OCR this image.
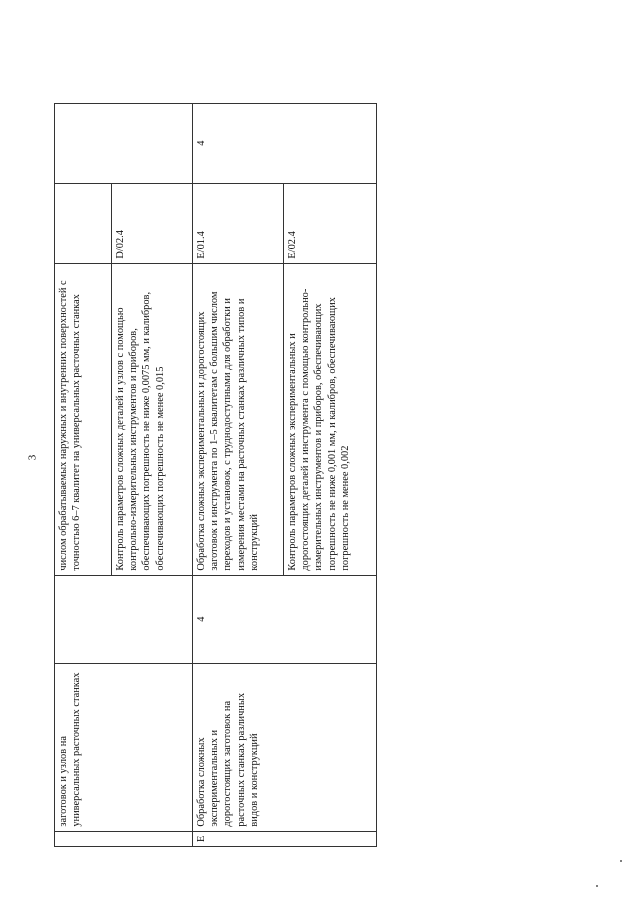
3
	заготовок и узлов на универсальных расточных станках		числом обрабатываемых наружных и внутренних поверхностей с точностью 6–7 квалитет на универсальных расточных станках		
			Контроль параметров сложных деталей и узлов с помощью контрольно-измерительных инструментов и приборов, обеспечивающих погрешность не ниже 0,0075 мм, и калибров, обеспечивающих погрешность не менее 0,015	D/02.4	
E	Обработка сложных экспериментальных и дорогостоящих заготовок на расточных станках различных видов и конструкций	4	Обработка сложных экспериментальных и дорогостоящих заготовок и инструмента по 1–5 квалитетам с большим числом переходов и установок, с труднодоступными для обработки и измерения местами на расточных станках различных типов и конструкций	E/01.4	4
			Контроль параметров сложных экспериментальных и дорогостоящих деталей и инструмента с помощью контрольно-измерительных инструментов и приборов, обеспечивающих погрешность не ниже 0,001 мм, и калибров, обеспечивающих погрешность не менее 0,002	E/02.4	
